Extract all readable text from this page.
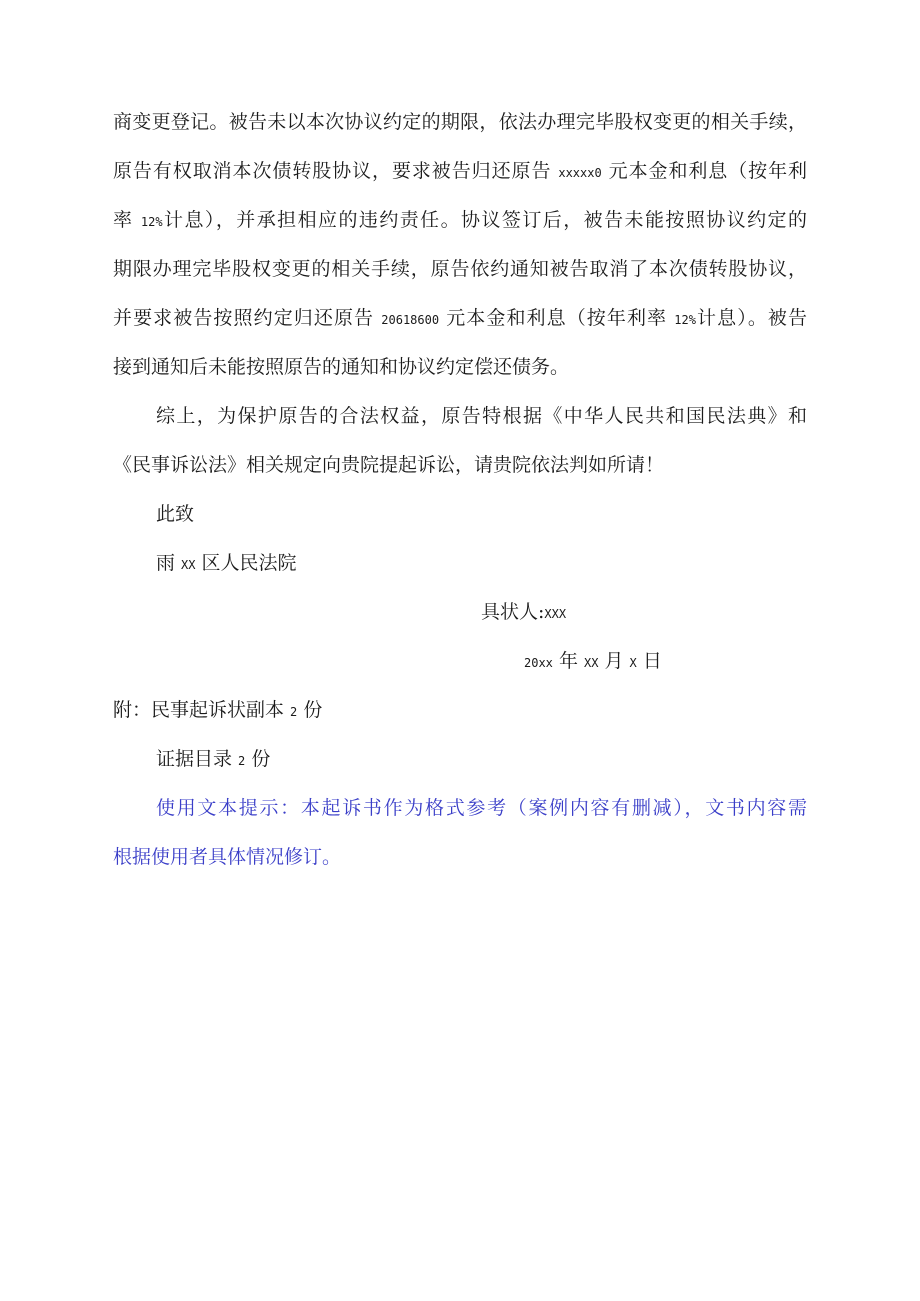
商变更登记。被告未以本次协议约定的期限，依法办理完毕股权变更的相关手续，
原告有权取消本次债转股协议，要求被告归还原告 xxxxx0 元本金和利息（按年利
率 12%计息），并承担相应的违约责任。协议签订后，被告未能按照协议约定的
期限办理完毕股权变更的相关手续，原告依约通知被告取消了本次债转股协议，
并要求被告按照约定归还原告 20618600 元本金和利息（按年利率 12%计息）。被告
接到通知后未能按照原告的通知和协议约定偿还债务。
综上，为保护原告的合法权益，原告特根据《中华人民共和国民法典》和
《民事诉讼法》相关规定向贵院提起诉讼，请贵院依法判如所请！
此致
雨 XX 区人民法院
具状人:XXX
20xx 年 XX 月 X 日
附：民事起诉状副本 2 份
证据目录 2 份
使用文本提示：本起诉书作为格式参考（案例内容有删减），文书内容需
根据使用者具体情况修订。
